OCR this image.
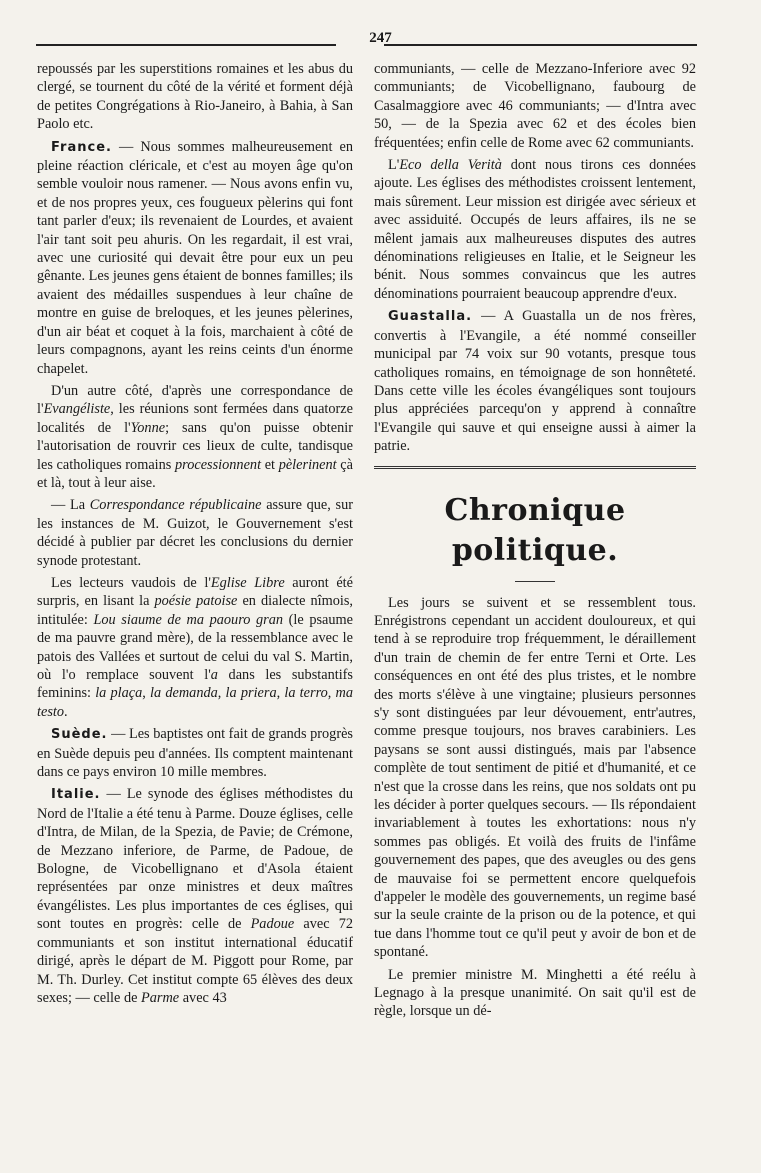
247

repoussés par les superstitions romaines et les abus du clergé, se tournent du côté de la vérité et forment déjà de petites Congrégations à Rio-Janeiro, à Bahia, à San Paolo etc.

France. — Nous sommes malheureusement en pleine réaction cléricale, et c'est au moyen âge qu'on semble vouloir nous ramener. — Nous avons enfin vu, et de nos propres yeux, ces fougueux pèlerins qui font tant parler d'eux; ils revenaient de Lourdes, et avaient l'air tant soit peu ahuris. On les regardait, il est vrai, avec une curiosité qui devait être pour eux un peu gênante. Les jeunes gens étaient de bonnes familles; ils avaient des médailles suspendues à leur chaîne de montre en guise de breloques, et les jeunes pèlerines, d'un air béat et coquet à la fois, marchaient à côté de leurs compagnons, ayant les reins ceints d'un énorme chapelet.

D'un autre côté, d'après une correspondance de l'Evangéliste, les réunions sont fermées dans quatorze localités de l'Yonne; sans qu'on puisse obtenir l'autorisation de rouvrir ces lieux de culte, tandisque les catholiques romains processionnent et pèlerinent çà et là, tout à leur aise.

— La Correspondance républicaine assure que, sur les instances de M. Guizot, le Gouvernement s'est décidé à publier par décret les conclusions du dernier synode protestant.

Les lecteurs vaudois de l'Eglise Libre auront été surpris, en lisant la poésie patoise en dialecte nîmois, intitulée: Lou siaume de ma paouro gran (le psaume de ma pauvre grand mère), de la ressemblance avec le patois des Vallées et surtout de celui du val S. Martin, où l'o remplace souvent l'a dans les substantifs feminins: la plaça, la demanda, la priera, la terro, ma testo.

Suède. — Les baptistes ont fait de grands progrès en Suède depuis peu d'années. Ils comptent maintenant dans ce pays environ 10 mille membres.

Italie. — Le synode des églises méthodistes du Nord de l'Italie a été tenu à Parme. Douze églises, celle d'Intra, de Milan, de la Spezia, de Pavie; de Crémone, de Mezzano inferiore, de Parme, de Padoue, de Bologne, de Vicobellignano et d'Asola étaient représentées par onze ministres et deux maîtres évangélistes. Les plus importantes de ces églises, qui sont toutes en progrès: celle de Padoue avec 72 communiants et son institut international éducatif dirigé, après le départ de M. Piggott pour Rome, par M. Th. Durley. Cet institut compte 65 élèves des deux sexes; — celle de Parme avec 43

communiants, — celle de Mezzano-Inferiore avec 92 communiants; de Vicobellignano, faubourg de Casalmaggiore avec 46 communiants; — d'Intra avec 50, — de la Spezia avec 62 et des écoles bien fréquentées; enfin celle de Rome avec 62 communiants.

L'Eco della Verità dont nous tirons ces données ajoute. Les églises des méthodistes croissent lentement, mais sûrement. Leur mission est dirigée avec sérieux et avec assiduité. Occupés de leurs affaires, ils ne se mêlent jamais aux malheureuses disputes des autres dénominations religieuses en Italie, et le Seigneur les bénit. Nous sommes convaincus que les autres dénominations pourraient beaucoup apprendre d'eux.

Guastalla. — A Guastalla un de nos frères, convertis à l'Evangile, a été nommé conseiller municipal par 74 voix sur 90 votants, presque tous catholiques romains, en témoignage de son honnêteté. Dans cette ville les écoles évangéliques sont toujours plus appréciées parcequ'on y apprend à connaître l'Evangile qui sauve et qui enseigne aussi à aimer la patrie.

Chronique politique.

Les jours se suivent et se ressemblent tous. Enrégistrons cependant un accident douloureux, et qui tend à se reproduire trop fréquemment, le déraillement d'un train de chemin de fer entre Terni et Orte. Les conséquences en ont été des plus tristes, et le nombre des morts s'élève à une vingtaine; plusieurs personnes s'y sont distinguées par leur dévouement, entr'autres, comme presque toujours, nos braves carabiniers. Les paysans se sont aussi distingués, mais par l'absence complète de tout sentiment de pitié et d'humanité, et ce n'est que la crosse dans les reins, que nos soldats ont pu les décider à porter quelques secours. — Ils répondaient invariablement à toutes les exhortations: nous n'y sommes pas obligés. Et voilà des fruits de l'infâme gouvernement des papes, que des aveugles ou des gens de mauvaise foi se permettent encore quelquefois d'appeler le modèle des gouvernements, un regime basé sur la seule crainte de la prison ou de la potence, et qui tue dans l'homme tout ce qu'il peut y avoir de bon et de spontané.

Le premier ministre M. Minghetti a été reélu à Legnago à la presque unanimité. On sait qu'il est de règle, lorsque un dé-
